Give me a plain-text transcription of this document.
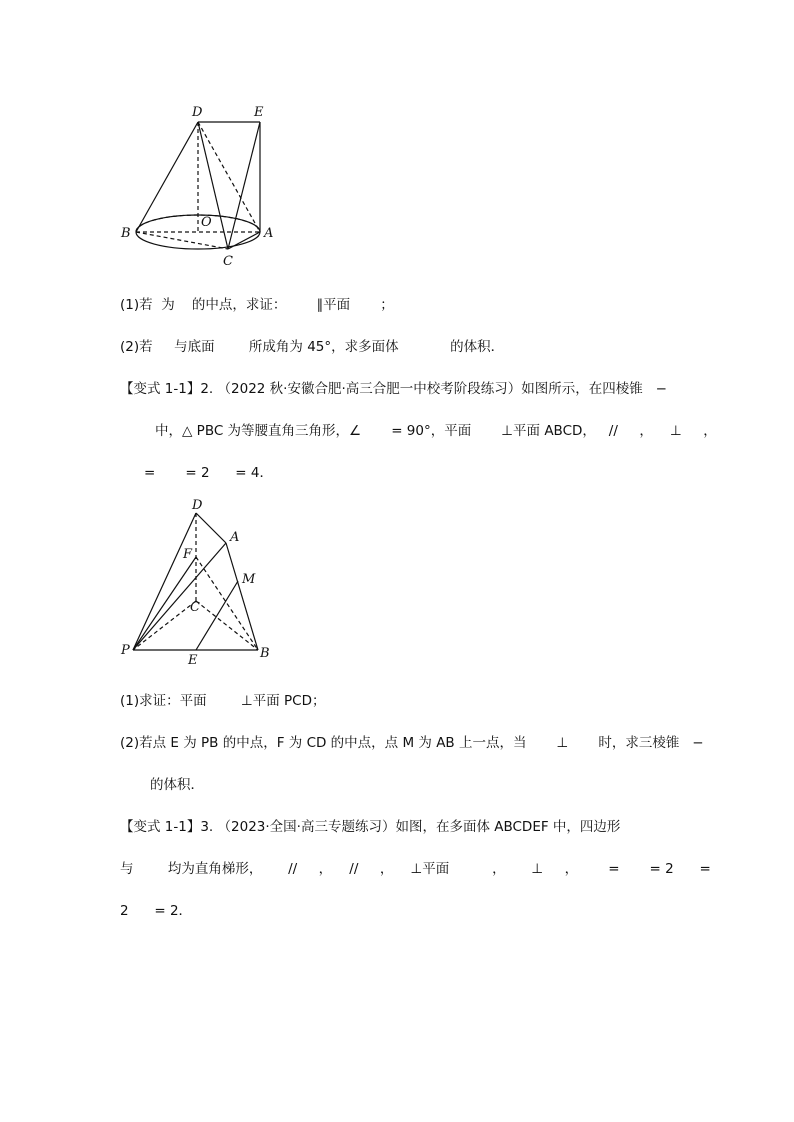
D	E
O
B	A
C
(1)若  为    的中点，求证：       ∥平面       ；
(2)若     与底面        所成角为 45°，求多面体            的体积．
【变式 1-1】2. （2022 秋·安徽合肥·高三合肥一中校考阶段练习）如图所示，在四棱锥   −
中，△ PBC 为等腰直角三角形，∠       = 90°，平面       ⊥平面 ABCD，   //     ，    ⊥     ，
=       = 2      = 4．
D
A
F
M
C
P
E	B
(1)求证：平面        ⊥平面 PCD；
(2)若点 E 为 PB 的中点，F 为 CD 的中点，点 M 为 AB 上一点，当       ⊥       时，求三棱锥   −
的体积．
【变式 1-1】3. （2023·全国·高三专题练习）如图，在多面体 ABCDEF 中，四边形
与        均为直角梯形，      //     ，    //     ，    ⊥平面          ，      ⊥     ，       =       = 2      =
2      = 2．
